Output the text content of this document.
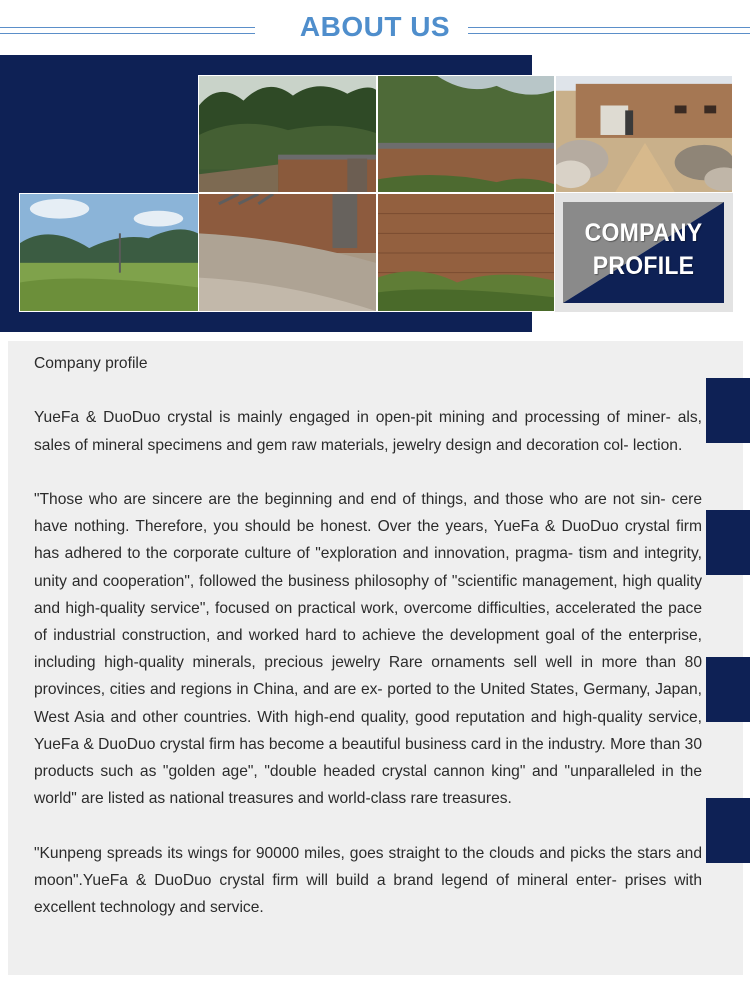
ABOUT US
COMPANY
PROFILE

Company profile

YueFa & DuoDuo crystal is mainly engaged in open-pit mining and processing of miner- als, sales of mineral specimens and gem raw materials, jewelry design and decoration col- lection.

"Those who are sincere are the beginning and end of things, and those who are not sin- cere have nothing. Therefore, you should be honest. Over the years, YueFa & DuoDuo crystal firm has adhered to the corporate culture of "exploration and innovation, pragma- tism and integrity, unity and cooperation", followed the business philosophy of "scientific management, high quality and high-quality service", focused on practical work, overcome difficulties, accelerated the pace of industrial construction, and worked hard to achieve the development goal of the enterprise, including high-quality minerals, precious jewelry Rare ornaments sell well in more than 80 provinces, cities and regions in China, and are ex- ported to the United States, Germany, Japan, West Asia and other countries. With high-end quality, good reputation and high-quality service, YueFa & DuoDuo crystal firm has become a beautiful business card in the industry. More than 30 products such as "golden age", "double headed crystal cannon king" and "unparalleled in the world" are listed as national treasures and world-class rare treasures.

"Kunpeng spreads its wings for 90000 miles, goes straight to the clouds and picks the stars and moon".YueFa & DuoDuo crystal firm will build a brand legend of mineral enter- prises with excellent technology and service.
